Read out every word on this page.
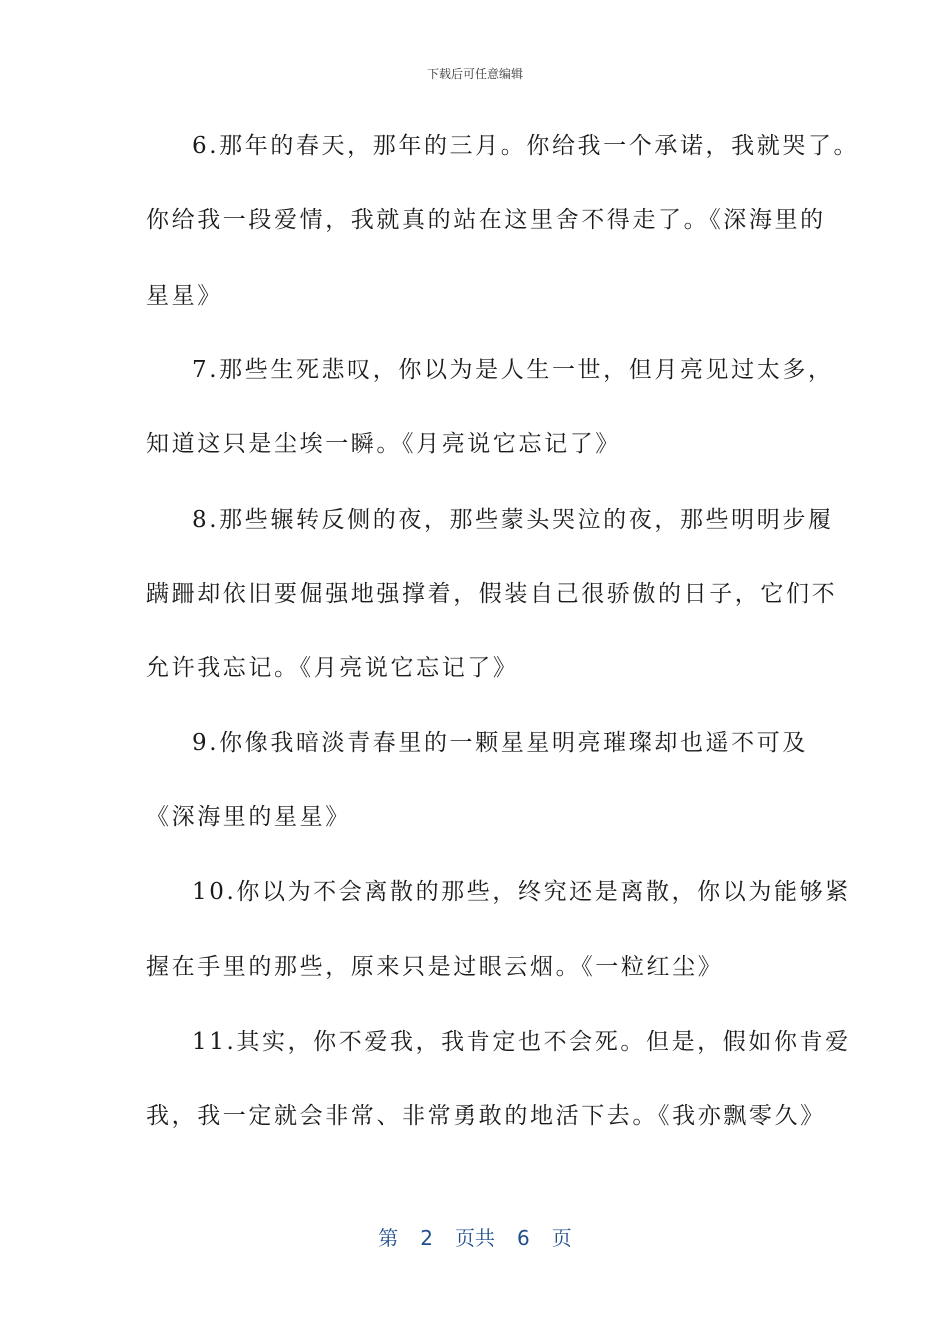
下载后可任意编辑
6.那年的春天，那年的三月。你给我一个承诺，我就哭了。
你给我一段爱情，我就真的站在这里舍不得走了。《深海里的
星星》
7.那些生死悲叹，你以为是人生一世，但月亮见过太多，
知道这只是尘埃一瞬。《月亮说它忘记了》
8.那些辗转反侧的夜，那些蒙头哭泣的夜，那些明明步履
蹒跚却依旧要倔强地强撑着，假装自己很骄傲的日子，它们不
允许我忘记。《月亮说它忘记了》
9.你像我暗淡青春里的一颗星星明亮璀璨却也遥不可及
《深海里的星星》
10.你以为不会离散的那些，终究还是离散，你以为能够紧
握在手里的那些，原来只是过眼云烟。《一粒红尘》
11.其实，你不爱我，我肯定也不会死。但是，假如你肯爱
我，我一定就会非常、非常勇敢的地活下去。《我亦飘零久》
第 2 页共 6 页
